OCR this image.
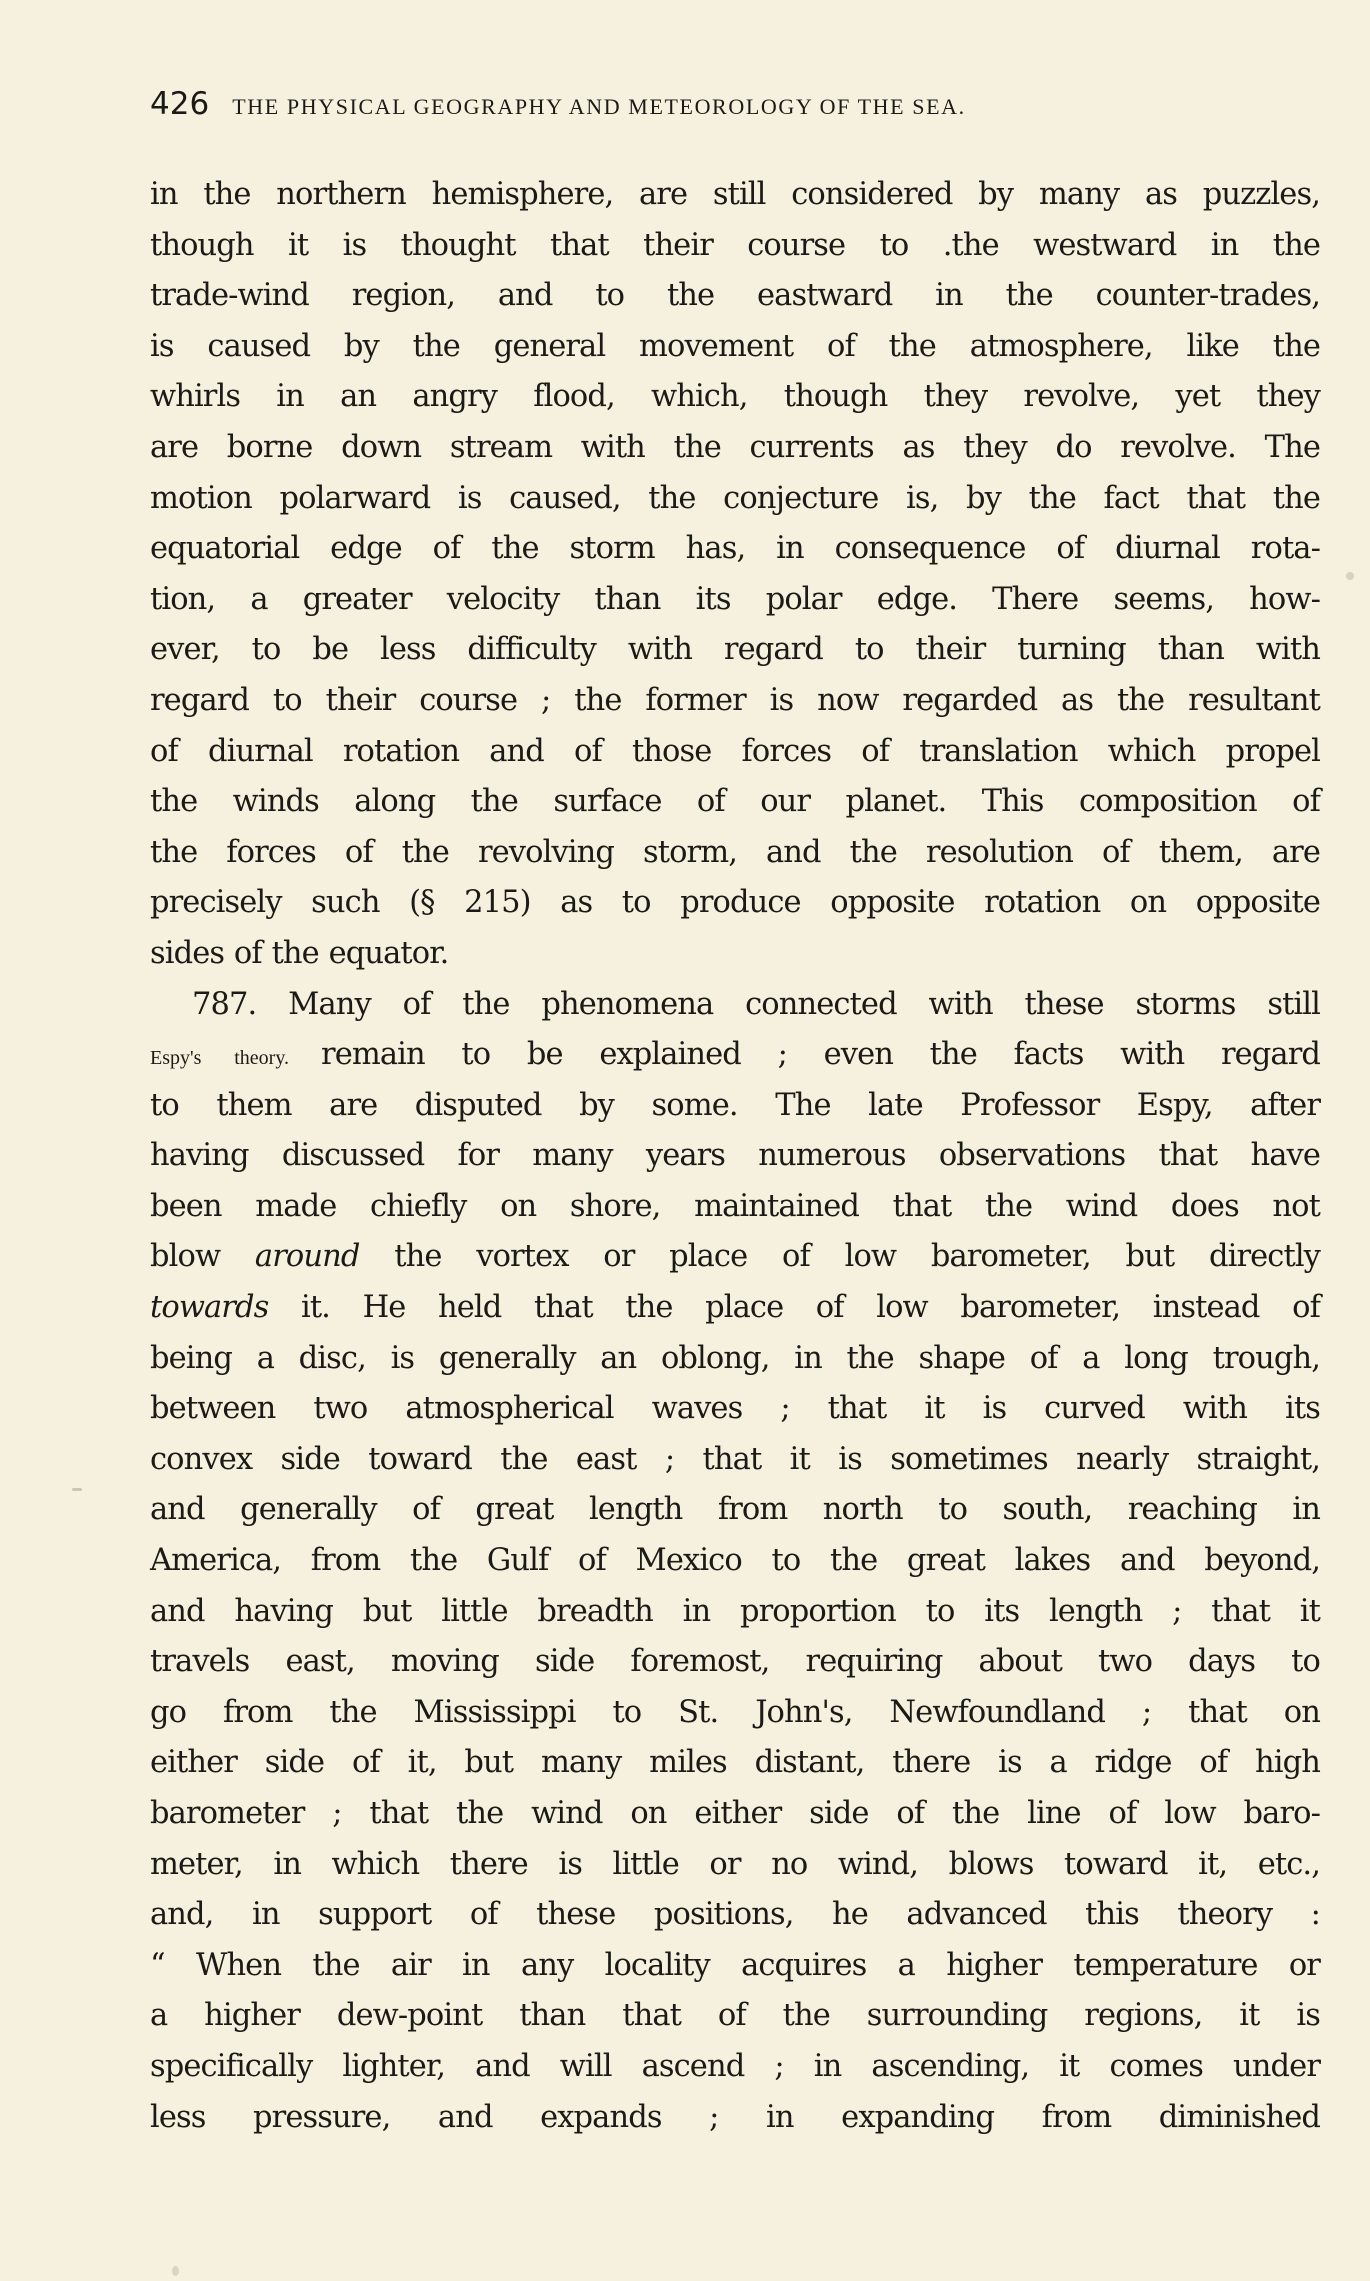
426 THE PHYSICAL GEOGRAPHY AND METEOROLOGY OF THE SEA.
in the northern hemisphere, are still considered by many as puzzles,
though it is thought that their course to .the westward in the
trade-wind region, and to the eastward in the counter-trades,
is caused by the general movement of the atmosphere, like the
whirls in an angry flood, which, though they revolve, yet they
are borne down stream with the currents as they do revolve. The
motion polarward is caused, the conjecture is, by the fact that the
equatorial edge of the storm has, in consequence of diurnal rota-
tion, a greater velocity than its polar edge. There seems, how-
ever, to be less difficulty with regard to their turning than with
regard to their course ; the former is now regarded as the resultant
of diurnal rotation and of those forces of translation which propel
the winds along the surface of our planet. This composition of
the forces of the revolving storm, and the resolution of them, are
precisely such (§ 215) as to produce opposite rotation on opposite
sides of the equator.
787. Many of the phenomena connected with these storms still
Espy's theory. remain to be explained ; even the facts with regard
to them are disputed by some. The late Professor Espy, after
having discussed for many years numerous observations that have
been made chiefly on shore, maintained that the wind does not
blow around the vortex or place of low barometer, but directly
towards it. He held that the place of low barometer, instead of
being a disc, is generally an oblong, in the shape of a long trough,
between two atmospherical waves ; that it is curved with its
convex side toward the east ; that it is sometimes nearly straight,
and generally of great length from north to south, reaching in
America, from the Gulf of Mexico to the great lakes and beyond,
and having but little breadth in proportion to its length ; that it
travels east, moving side foremost, requiring about two days to
go from the Mississippi to St. John's, Newfoundland ; that on
either side of it, but many miles distant, there is a ridge of high
barometer ; that the wind on either side of the line of low baro-
meter, in which there is little or no wind, blows toward it, etc.,
and, in support of these positions, he advanced this theory :
“ When the air in any locality acquires a higher temperature or
a higher dew-point than that of the surrounding regions, it is
specifically lighter, and will ascend ; in ascending, it comes under
less pressure, and expands ; in expanding from diminished
